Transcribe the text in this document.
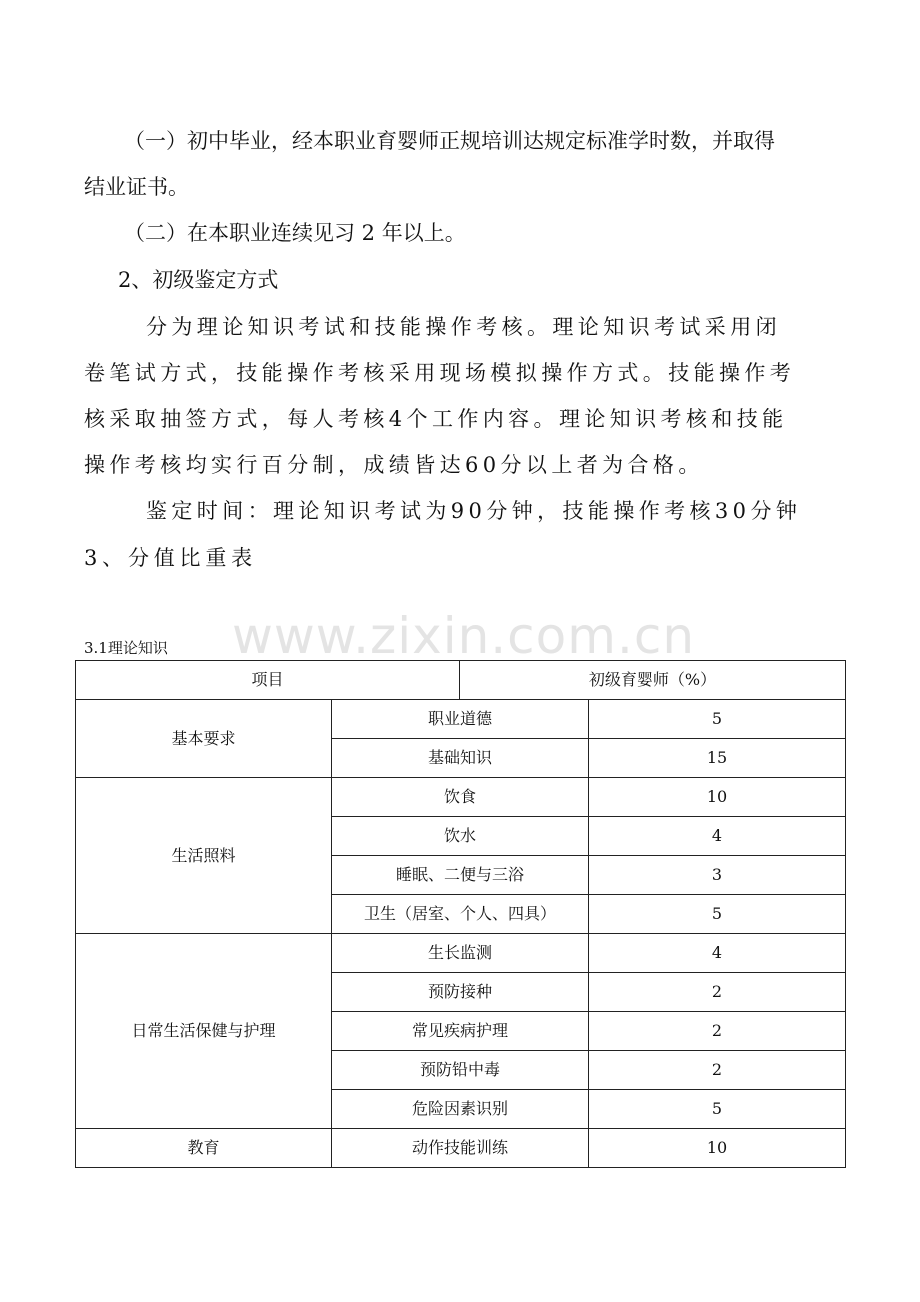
（一）初中毕业，经本职业育婴师正规培训达规定标准学时数，并取得

结业证书。

（二）在本职业连续见习 2 年以上。

2、初级鉴定方式

分为理论知识考试和技能操作考核。理论知识考试采用闭

卷笔试方式，技能操作考核采用现场模拟操作方式。技能操作考

核采取抽签方式，每人考核4个工作内容。理论知识考核和技能

操作考核均实行百分制，成绩皆达60分以上者为合格。

鉴定时间：理论知识考试为90分钟，技能操作考核30分钟

3、分值比重表

www.zixin.com.cn
3.1理论知识
项目		初级育婴师（%）	
基本要求	职业道德		5
	基础知识		15
生活照料	饮食		10
	饮水		4
	睡眠、二便与三浴		3
	卫生（居室、个人、四具）		5
日常生活保健与护理	生长监测		4
	预防接种		2
	常见疾病护理		2
	预防铅中毒		2
	危险因素识别		5
教育	动作技能训练		10
